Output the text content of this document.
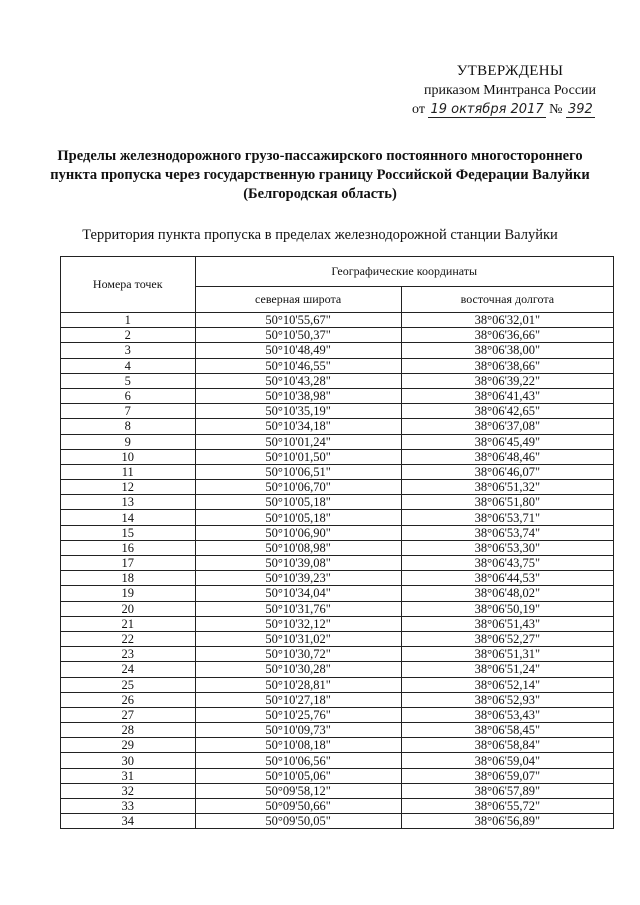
УТВЕРЖДЕНЫ
приказом Минтранса России
от 19 октября 2017 № 392
Пределы железнодорожного грузо-пассажирского постоянного многостороннего пункта пропуска через государственную границу Российской Федерации Валуйки (Белгородская область)
Территория пункта пропуска в пределах железнодорожной станции Валуйки
Номера точек	Географические координаты	
	северная широта	восточная долгота
1	50°10'55,67"	38°06'32,01"
2	50°10'50,37"	38°06'36,66"
3	50°10'48,49"	38°06'38,00"
4	50°10'46,55"	38°06'38,66"
5	50°10'43,28"	38°06'39,22"
6	50°10'38,98"	38°06'41,43"
7	50°10'35,19"	38°06'42,65"
8	50°10'34,18"	38°06'37,08"
9	50°10'01,24"	38°06'45,49"
10	50°10'01,50"	38°06'48,46"
11	50°10'06,51"	38°06'46,07"
12	50°10'06,70"	38°06'51,32"
13	50°10'05,18"	38°06'51,80"
14	50°10'05,18"	38°06'53,71"
15	50°10'06,90"	38°06'53,74"
16	50°10'08,98"	38°06'53,30"
17	50°10'39,08"	38°06'43,75"
18	50°10'39,23"	38°06'44,53"
19	50°10'34,04"	38°06'48,02"
20	50°10'31,76"	38°06'50,19"
21	50°10'32,12"	38°06'51,43"
22	50°10'31,02"	38°06'52,27"
23	50°10'30,72"	38°06'51,31"
24	50°10'30,28"	38°06'51,24"
25	50°10'28,81"	38°06'52,14"
26	50°10'27,18"	38°06'52,93"
27	50°10'25,76"	38°06'53,43"
28	50°10'09,73"	38°06'58,45"
29	50°10'08,18"	38°06'58,84"
30	50°10'06,56"	38°06'59,04"
31	50°10'05,06"	38°06'59,07"
32	50°09'58,12"	38°06'57,89"
33	50°09'50,66"	38°06'55,72"
34	50°09'50,05"	38°06'56,89"
